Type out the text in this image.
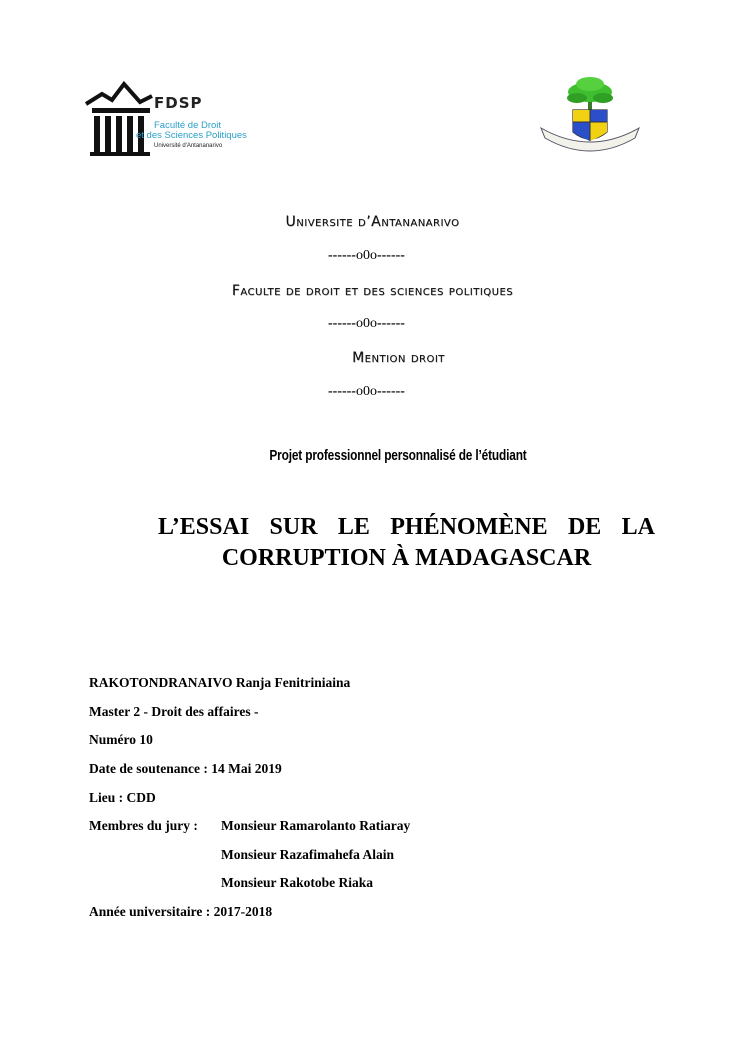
FDSP
Faculté de Droit
et des Sciences Politiques
Université d'Antananarivo
Universite d’Antananarivo
------o0o------
Faculte de droit et des sciences politiques
------o0o------
Mention droit
------o0o------
Projet professionnel personnalisé de l’étudiant
L’ESSAI SUR LE PHÉNOMÈNE DE LA
CORRUPTION À MADAGASCAR
RAKOTONDRANAIVO Ranja Fenitriniaina
Master 2 - Droit des affaires -
Numéro 10
Date de soutenance : 14 Mai 2019
Lieu : CDD
Membres du jury : Monsieur Ramarolanto Ratiaray
Monsieur Razafimahefa Alain
Monsieur Rakotobe Riaka
Année universitaire : 2017-2018
